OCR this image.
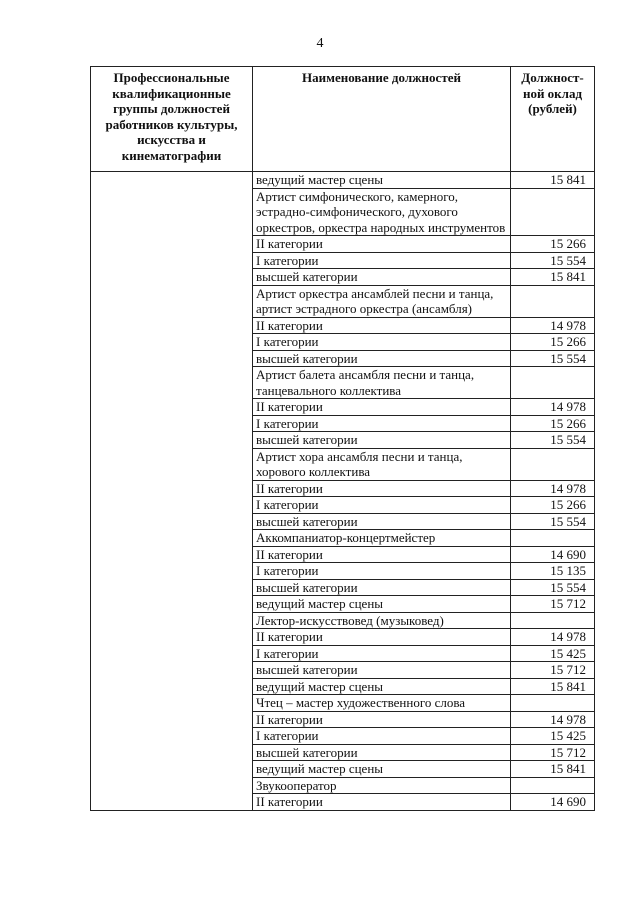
4
Профессиональные квалификационные группы должностей работников культуры, искусства и кинематографии	Наименование должностей	Должност-ной оклад (рублей)
	ведущий мастер сцены	15 841
	Артист симфонического, камерного, эстрадно-симфонического, духового оркестров, оркестра народных инструментов	
	II категории	15 266
	I категории	15 554
	высшей категории	15 841
	Артист оркестра ансамблей песни и танца, артист эстрадного оркестра (ансамбля)	
	II категории	14 978
	I категории	15 266
	высшей категории	15 554
	Артист балета ансамбля песни и танца, танцевального коллектива	
	II категории	14 978
	I категории	15 266
	высшей категории	15 554
	Артист хора ансамбля песни и танца, хорового коллектива	
	II категории	14 978
	I категории	15 266
	высшей категории	15 554
	Аккомпаниатор-концертмейстер	
	II категории	14 690
	I категории	15 135
	высшей категории	15 554
	ведущий мастер сцены	15 712
	Лектор-искусствовед (музыковед)	
	II категории	14 978
	I категории	15 425
	высшей категории	15 712
	ведущий мастер сцены	15 841
	Чтец – мастер художественного слова	
	II категории	14 978
	I категории	15 425
	высшей категории	15 712
	ведущий мастер сцены	15 841
	Звукооператор	
	II категории	14 690
